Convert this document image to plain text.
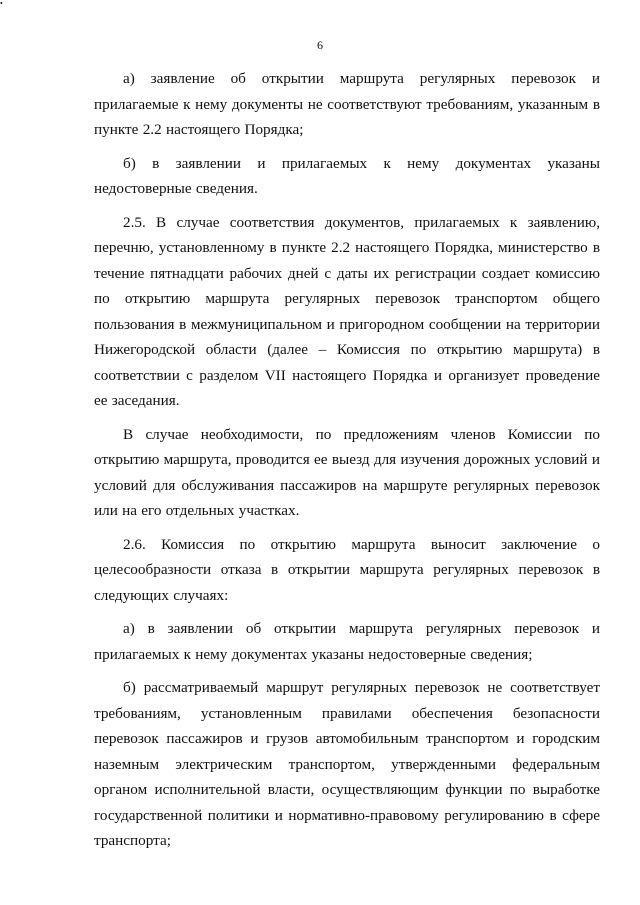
•
6

а) заявление об открытии маршрута регулярных перевозок и прилагаемые к нему документы не соответствуют требованиям, указанным в пункте 2.2 настоящего Порядка;

б) в заявлении и прилагаемых к нему документах указаны недостоверные сведения.

2.5. В случае соответствия документов, прилагаемых к заявлению, перечню, установленному в пункте 2.2 настоящего Порядка, министерство в течение пятнадцати рабочих дней с даты их регистрации создает комиссию по открытию маршрута регулярных перевозок транспортом общего пользования в межмуниципальном и пригородном сообщении на территории Нижегородской области (далее – Комиссия по открытию маршрута) в соответствии с разделом VII настоящего Порядка и организует проведение ее заседания.

В случае необходимости, по предложениям членов Комиссии по открытию маршрута, проводится ее выезд для изучения дорожных условий и условий для обслуживания пассажиров на маршруте регулярных перевозок или на его отдельных участках.

2.6. Комиссия по открытию маршрута выносит заключение о целесообразности отказа в открытии маршрута регулярных перевозок в следующих случаях:

а) в заявлении об открытии маршрута регулярных перевозок и прилагаемых к нему документах указаны недостоверные сведения;

б) рассматриваемый маршрут регулярных перевозок не соответствует требованиям, установленным правилами обеспечения безопасности перевозок пассажиров и грузов автомобильным транспортом и городским наземным электрическим транспортом, утвержденными федеральным органом исполнительной власти, осуществляющим функции по выработке государственной политики и нормативно-правовому регулированию в сфере транспорта;
